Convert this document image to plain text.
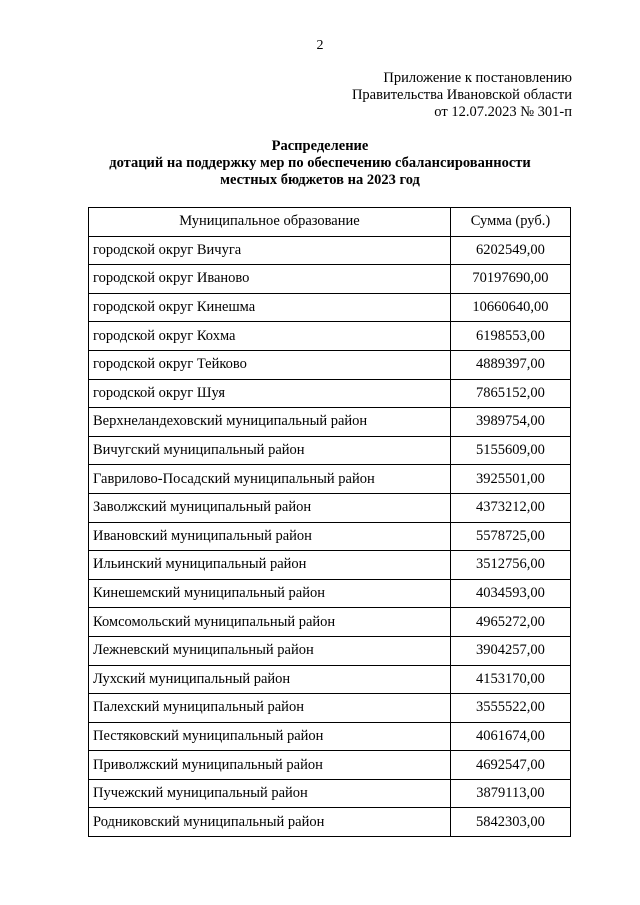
2
Приложение к постановлению
Правительства Ивановской области
от 12.07.2023 № 301-п
Распределение
дотаций на поддержку мер по обеспечению сбалансированности
местных бюджетов на 2023 год
Муниципальное образование	Сумма (руб.)
городской округ Вичуга	6202549,00
городской округ Иваново	70197690,00
городской округ Кинешма	10660640,00
городской округ Кохма	6198553,00
городской округ Тейково	4889397,00
городской округ Шуя	7865152,00
Верхнеландеховский муниципальный район	3989754,00
Вичугский муниципальный район	5155609,00
Гаврилово-Посадский муниципальный район	3925501,00
Заволжский муниципальный район	4373212,00
Ивановский муниципальный район	5578725,00
Ильинский муниципальный район	3512756,00
Кинешемский муниципальный район	4034593,00
Комсомольский муниципальный район	4965272,00
Лежневский муниципальный район	3904257,00
Лухский муниципальный район	4153170,00
Палехский муниципальный район	3555522,00
Пестяковский муниципальный район	4061674,00
Приволжский муниципальный район	4692547,00
Пучежский муниципальный район	3879113,00
Родниковский муниципальный район	5842303,00
